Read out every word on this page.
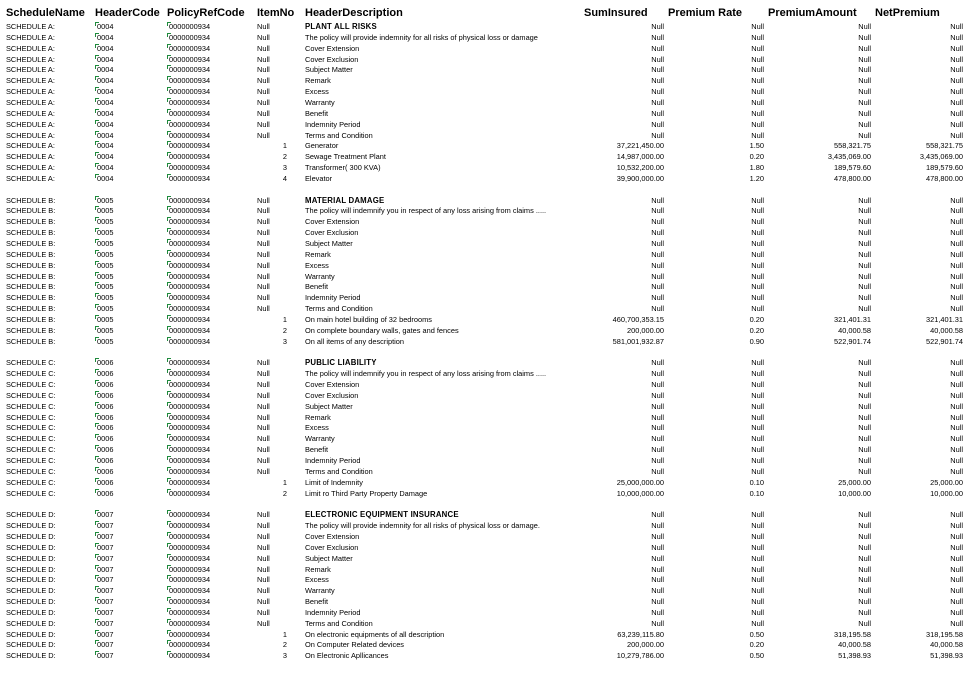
ScheduleName HeaderCode PolicyRefCode	ItemNo HeaderDescription	SumInsured	Premium Rate	PremiumAmount	NetPremium
SCHEDULE A:	0004	0000000934	Null	PLANT ALL RISKS	Null	Null	Null	Null
SCHEDULE A:	0004	0000000934	Null	The policy will provide indemnity for all risks of physical loss or damage	Null	Null	Null	Null
SCHEDULE A:	0004	0000000934	Null	Cover Extension	Null	Null	Null	Null
SCHEDULE A:	0004	0000000934	Null	Cover Exclusion	Null	Null	Null	Null
SCHEDULE A:	0004	0000000934	Null	Subject Matter	Null	Null	Null	Null
SCHEDULE A:	0004	0000000934	Null	Remark	Null	Null	Null	Null
SCHEDULE A:	0004	0000000934	Null	Excess	Null	Null	Null	Null
SCHEDULE A:	0004	0000000934	Null	Warranty	Null	Null	Null	Null
SCHEDULE A:	0004	0000000934	Null	Benefit	Null	Null	Null	Null
SCHEDULE A:	0004	0000000934	Null	Indemnity Period	Null	Null	Null	Null
SCHEDULE A:	0004	0000000934	Null	Terms and Condition	Null	Null	Null	Null
SCHEDULE A:	0004	0000000934	1 Generator	37,221,450.00	1.50	558,321.75	558,321.75
SCHEDULE A:	0004	0000000934	2 Sewage Treatment Plant	14,987,000.00	0.20	3,435,069.00	3,435,069.00
SCHEDULE A:	0004	0000000934	3 Transformer( 300 KVA)	10,532,200.00	1.80	189,579.60	189,579.60
SCHEDULE A:	0004	0000000934	4 Elevator	39,900,000.00	1.20	478,800.00	478,800.00
SCHEDULE B:	0005	0000000934	Null	MATERIAL DAMAGE	Null	Null	Null	Null
SCHEDULE B:	0005	0000000934	Null	The policy will indemnify you in respect of any loss arising from claims .....	Null	Null	Null	Null
SCHEDULE B:	0005	0000000934	Null	Cover Extension	Null	Null	Null	Null
SCHEDULE B:	0005	0000000934	Null	Cover Exclusion	Null	Null	Null	Null
SCHEDULE B:	0005	0000000934	Null	Subject Matter	Null	Null	Null	Null
SCHEDULE B:	0005	0000000934	Null	Remark	Null	Null	Null	Null
SCHEDULE B:	0005	0000000934	Null	Excess	Null	Null	Null	Null
SCHEDULE B:	0005	0000000934	Null	Warranty	Null	Null	Null	Null
SCHEDULE B:	0005	0000000934	Null	Benefit	Null	Null	Null	Null
SCHEDULE B:	0005	0000000934	Null	Indemnity Period	Null	Null	Null	Null
SCHEDULE B:	0005	0000000934	Null	Terms and Condition	Null	Null	Null	Null
SCHEDULE B:	0005	0000000934	1 On main hotel building of 32 bedrooms	460,700,353.15	0.20	321,401.31	321,401.31
SCHEDULE B:	0005	0000000934	2 On complete boundary walls, gates and fences	200,000.00	0.20	40,000.58	40,000.58
SCHEDULE B:	0005	0000000934	3 On all items of any description	581,001,932.87	0.90	522,901.74	522,901.74
SCHEDULE C:	0006	0000000934	Null	PUBLIC LIABILITY	Null	Null	Null	Null
SCHEDULE C:	0006	0000000934	Null	The policy will indemnify you in respect of any loss arising from claims .....	Null	Null	Null	Null
SCHEDULE C:	0006	0000000934	Null	Cover Extension	Null	Null	Null	Null
SCHEDULE C:	0006	0000000934	Null	Cover Exclusion	Null	Null	Null	Null
SCHEDULE C:	0006	0000000934	Null	Subject Matter	Null	Null	Null	Null
SCHEDULE C:	0006	0000000934	Null	Remark	Null	Null	Null	Null
SCHEDULE C:	0006	0000000934	Null	Excess	Null	Null	Null	Null
SCHEDULE C:	0006	0000000934	Null	Warranty	Null	Null	Null	Null
SCHEDULE C:	0006	0000000934	Null	Benefit	Null	Null	Null	Null
SCHEDULE C:	0006	0000000934	Null	Indemnity Period	Null	Null	Null	Null
SCHEDULE C:	0006	0000000934	Null	Terms and Condition	Null	Null	Null	Null
SCHEDULE C:	0006	0000000934	1 Limit of Indemnity	25,000,000.00	0.10	25,000.00	25,000.00
SCHEDULE C:	0006	0000000934	2 Limit ro Third Party Property Damage	10,000,000.00	0.10	10,000.00	10,000.00
SCHEDULE D:	0007	0000000934	Null	ELECTRONIC EQUIPMENT INSURANCE	Null	Null	Null	Null
SCHEDULE D:	0007	0000000934	Null	The policy will provide indemnity for all risks of physical loss or damage.	Null	Null	Null	Null
SCHEDULE D:	0007	0000000934	Null	Cover Extension	Null	Null	Null	Null
SCHEDULE D:	0007	0000000934	Null	Cover Exclusion	Null	Null	Null	Null
SCHEDULE D:	0007	0000000934	Null	Subject Matter	Null	Null	Null	Null
SCHEDULE D:	0007	0000000934	Null	Remark	Null	Null	Null	Null
SCHEDULE D:	0007	0000000934	Null	Excess	Null	Null	Null	Null
SCHEDULE D:	0007	0000000934	Null	Warranty	Null	Null	Null	Null
SCHEDULE D:	0007	0000000934	Null	Benefit	Null	Null	Null	Null
SCHEDULE D:	0007	0000000934	Null	Indemnity Period	Null	Null	Null	Null
SCHEDULE D:	0007	0000000934	Null	Terms and Condition	Null	Null	Null	Null
SCHEDULE D:	0007	0000000934	1 On electronic equipments of all description	63,239,115.80	0.50	318,195.58	318,195.58
SCHEDULE D:	0007	0000000934	2 On Computer Related devices	200,000.00	0.20	40,000.58	40,000.58
SCHEDULE D:	0007	0000000934	3 On Electronic Apllicances	10,279,786.00	0.50	51,398.93	51,398.93
